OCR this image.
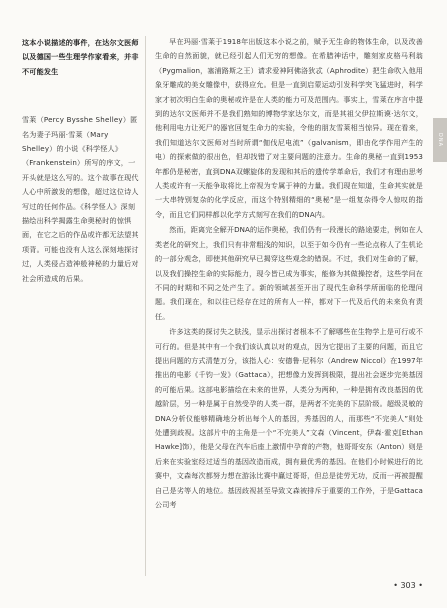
这本小说描述的事件，在达尔文医师以及德国一些生理学作家看来，并非不可能发生

雪莱（Percy Bysshe Shelley）匿名为妻子玛丽·雪莱（Mary Shelley）的小说《科学怪人》（Frankenstein）所写的序文，一开头就是这么写的。这个故事在现代人心中所激发的想像，超过这位诗人写过的任何作品。《科学怪人》深刻描绘出科学揭露生命奥秘时的惊惧面，在它之后的作品或许都无法望其项背。可能也没有人这么深刻地探讨过，人类侵占造神般神秘的力量后对社会所造成的后果。

早在玛丽·雪莱于1918年出版这本小说之前，赋予无生命的物体生命，以及改善生命的自然面貌，就已经引起人们无穷的想像。在希腊神话中，雕刻家皮格马利翁（Pygmalion，塞浦路斯之王）请求爱神阿佛洛狄忒（Aphrodite）把生命吹入他用象牙雕成的美女雕像中，获得应允。但是一直到启蒙运动引发科学突飞猛进时，科学家才初次明白生命的奥秘或许是在人类的能力可及范围内。事实上，雪莱在序言中提到的达尔文医师并不是我们熟知的博物学家达尔文，而是其祖父伊拉斯谟·达尔文，他利用电力让死尸的器官回复生命力的实验，令他的朋友雪莱相当惊异。现在看来，我们知道达尔文医师对当时所谓“伽伐尼电流”（galvanism，即由化学作用产生的电）的探索做的很出色，但却找错了对主要问题的注意力。生命的奥秘一直到1953年都仍是秘密，直到DNA双螺旋体的发现和其后的遗传学革命后，我们才有理由思考人类或许有一天能争取将比上帝视为专属于神的力量。我们现在知道，生命其实就是一大串特别复杂的化学反应，而这个特别精细的“奥秘”是一组复杂得令人惊叹的指令，而且它们同样都以化学方式刻写在我们的DNA内。

然而，距离完全解开DNA的运作奥秘，我们仍有一段漫长的路途要走，例如在人类老化的研究上，我们只有非常粗浅的知识，以至于如今仍有一些论点称人了生机论的一部分观念，即使其他研究早已揭穿这些观念的错误。不过，我们对生命的了解，以及我们操控生命的实际能力，现今皆已成为事实，能修为其做操控者，这些学问在不同的时期和不同之处产生了。新的领域甚至开出了现代生命科学所面临的伦理问题。我们现在，和以往已经存在过的所有人一样，都对下一代及后代的未来负有责任。

许多这类的探讨失之肤浅，显示出探讨者根本不了解哪些在生物学上是可行或不可行的。但是其中有一个我们该认真以对的观点，因为它提出了主要的问题，而且它提出问题的方式清楚万分，该指人心：安德鲁·尼科尔（Andrew Niccol）在1997年推出的电影《千钧一发》（Gattaca），把想像力发挥到极限，提出社会逐步完美基因的可能后果。这部电影描绘在未来的世界，人类分为两种，一种是拥有改良基因的优越阶层，另一种是属于自然受孕的人类一群，是两者不完美的下层阶级。超级灵敏的DNA分析仪能够精确地分析出每个人的基因，秀基因的人，而那些“不完美人”则处处遭到歧视。这部片中的主角是一个“不完美人”文森（Vincent，伊森·霍克[Ethan Hawke]饰），他是父母在汽车后座上激情中孕育的产物，他哥哥安东（Anton）则是后来在实验室经过适当的基因改造而成，拥有最优秀的基因。在他们小时候进行的比赛中，文森每次都努力想在游泳比赛中赢过哥哥，但总是徒劳无功，反而一再被提醒自己是劣等人的地位。基因歧视甚至导致文森被排斥于重要的工作外，于是Gattaca公司考

DNA
• 303 •
